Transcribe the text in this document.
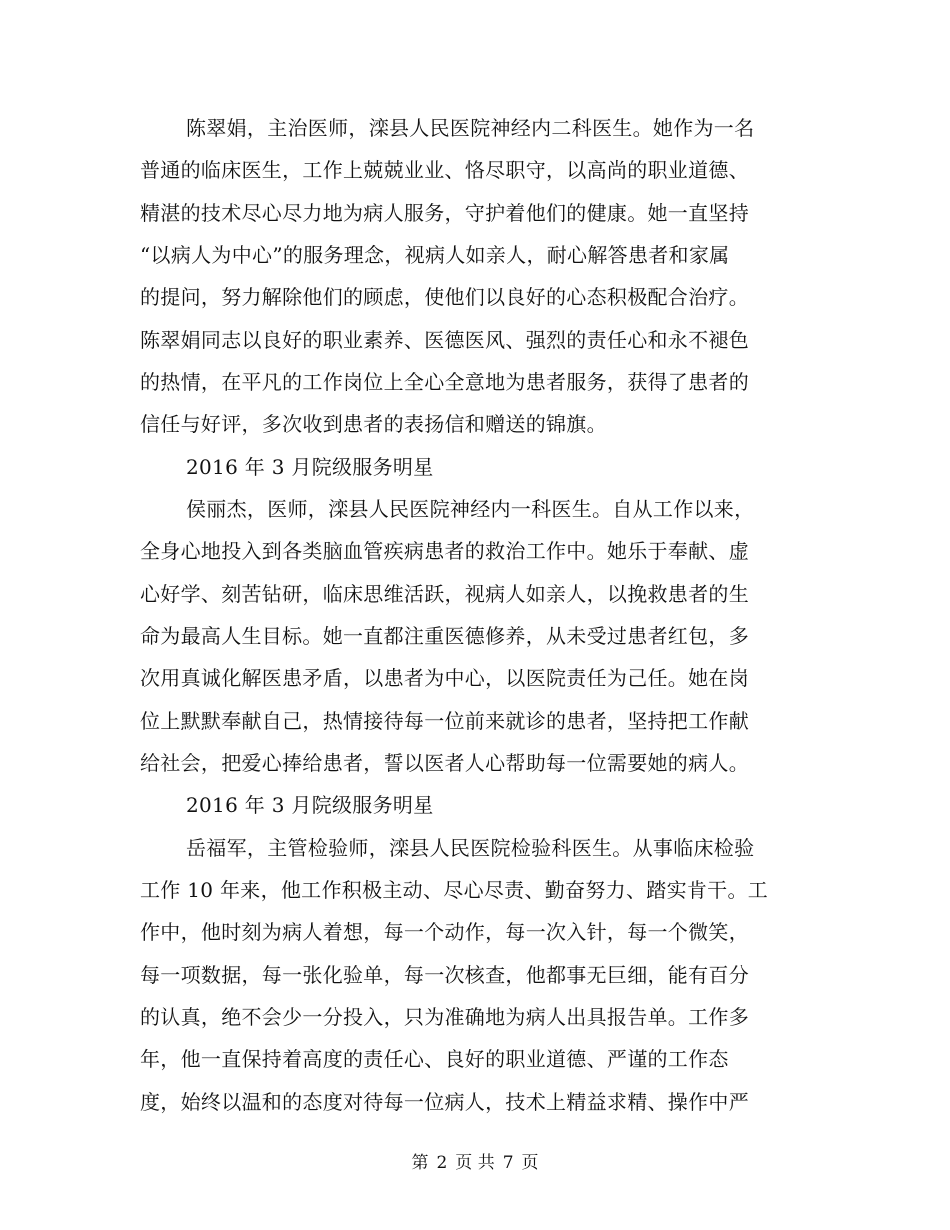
陈翠娟，主治医师，滦县人民医院神经内二科医生。她作为一名
普通的临床医生，工作上兢兢业业、恪尽职守，以高尚的职业道德、
精湛的技术尽心尽力地为病人服务，守护着他们的健康。她一直坚持
“以病人为中心”的服务理念，视病人如亲人，耐心解答患者和家属
的提问，努力解除他们的顾虑，使他们以良好的心态积极配合治疗。
陈翠娟同志以良好的职业素养、医德医风、强烈的责任心和永不褪色
的热情，在平凡的工作岗位上全心全意地为患者服务，获得了患者的
信任与好评，多次收到患者的表扬信和赠送的锦旗。
2016 年 3 月院级服务明星
侯丽杰，医师，滦县人民医院神经内一科医生。自从工作以来，
全身心地投入到各类脑血管疾病患者的救治工作中。她乐于奉献、虚
心好学、刻苦钻研，临床思维活跃，视病人如亲人，以挽救患者的生
命为最高人生目标。她一直都注重医德修养，从未受过患者红包，多
次用真诚化解医患矛盾，以患者为中心，以医院责任为己任。她在岗
位上默默奉献自己，热情接待每一位前来就诊的患者，坚持把工作献
给社会，把爱心捧给患者，誓以医者人心帮助每一位需要她的病人。
2016 年 3 月院级服务明星
岳福军，主管检验师，滦县人民医院检验科医生。从事临床检验
工作 10 年来，他工作积极主动、尽心尽责、勤奋努力、踏实肯干。工
作中，他时刻为病人着想，每一个动作，每一次入针，每一个微笑，
每一项数据，每一张化验单，每一次核查，他都事无巨细，能有百分
的认真，绝不会少一分投入，只为准确地为病人出具报告单。工作多
年，他一直保持着高度的责任心、良好的职业道德、严谨的工作态
度，始终以温和的态度对待每一位病人，技术上精益求精、操作中严
第 2 页 共 7 页
